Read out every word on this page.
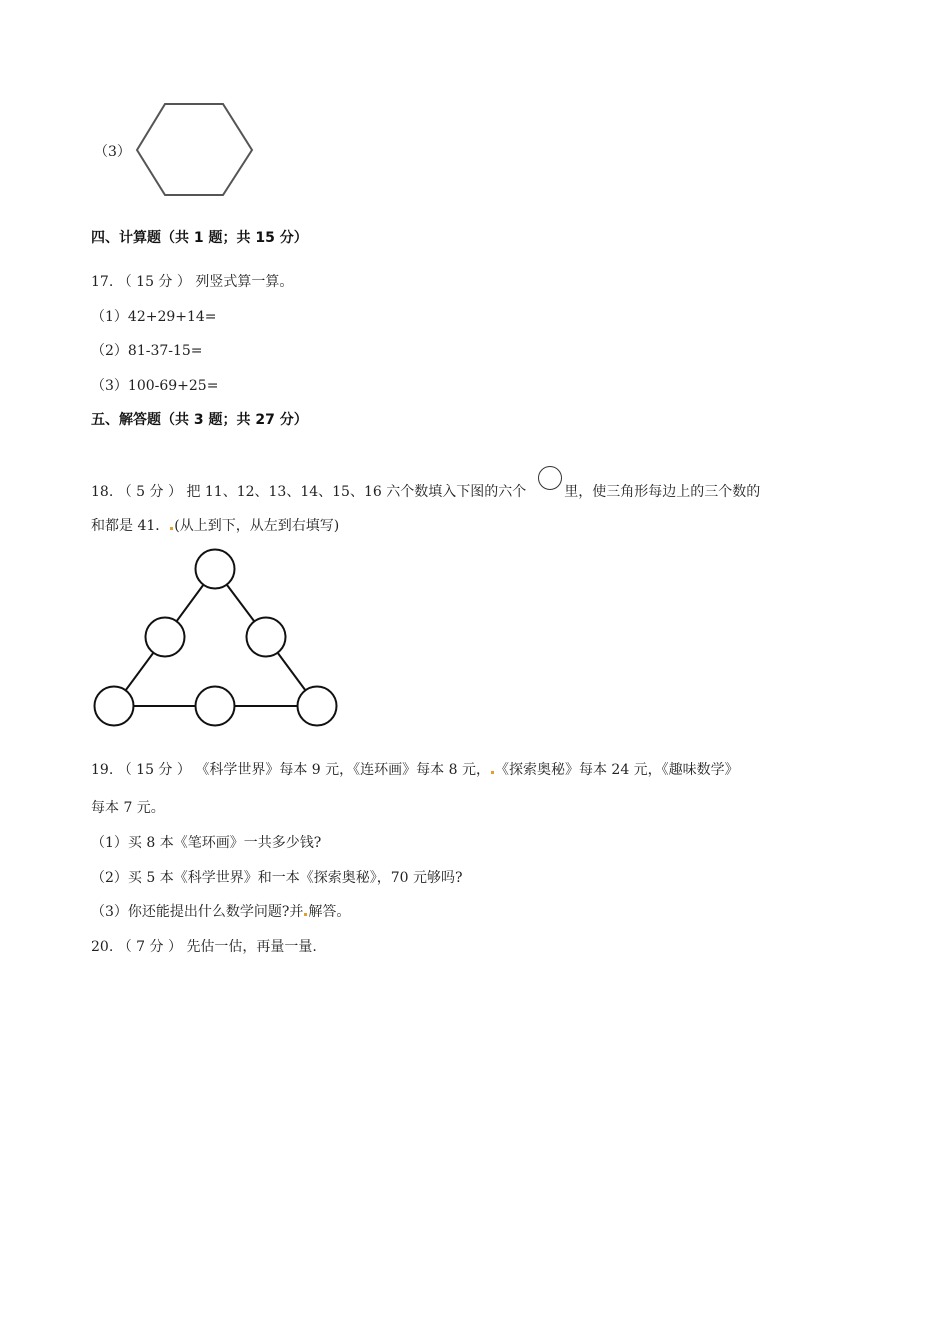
（3）
四、计算题（共 1 题；共 15 分）
17. （ 15 分 ） 列竖式算一算。
（1）42+29+14=
（2）81-37-15=
（3）100-69+25=
五、解答题（共 3 题；共 27 分）
18. （ 5 分 ） 把 11、12、13、14、15、16 六个数填入下图的六个	里，使三角形每边上的三个数的
和都是 41． (从上到下，从左到右填写)
19. （ 15 分 ） 《科学世界》每本 9 元，《连环画》每本 8 元， 《探索奥秘》每本 24 元，《趣味数学》
每本 7 元。
（1）买 8 本《笔环画》一共多少钱?
（2）买 5 本《科学世界》和一本《探索奥秘》，70 元够吗?
（3）你还能提出什么数学问题?并 解答。
20. （ 7 分 ） 先估一估，再量一量.
